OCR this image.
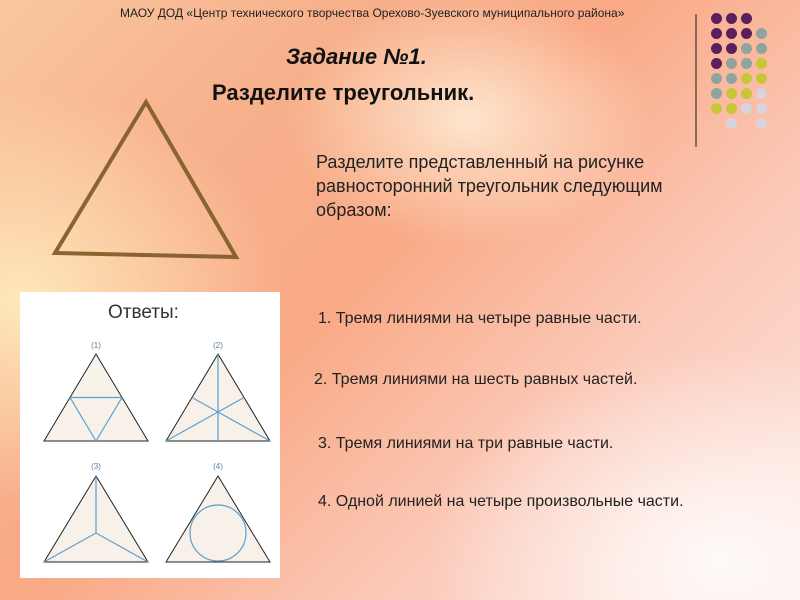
МАОУ ДОД «Центр технического творчества Орехово-Зуевского муниципального района»
Задание №1.
Разделите треугольник.
Разделите представленный на рисунке равносторонний треугольник следующим образом:
Ответы:
(1)	(2)
(3)	(4)
1. Тремя линиями на четыре равные части.
2. Тремя линиями на шесть равных частей.
3. Тремя линиями на три равные части.
4. Одной линией на четыре произвольные части.
